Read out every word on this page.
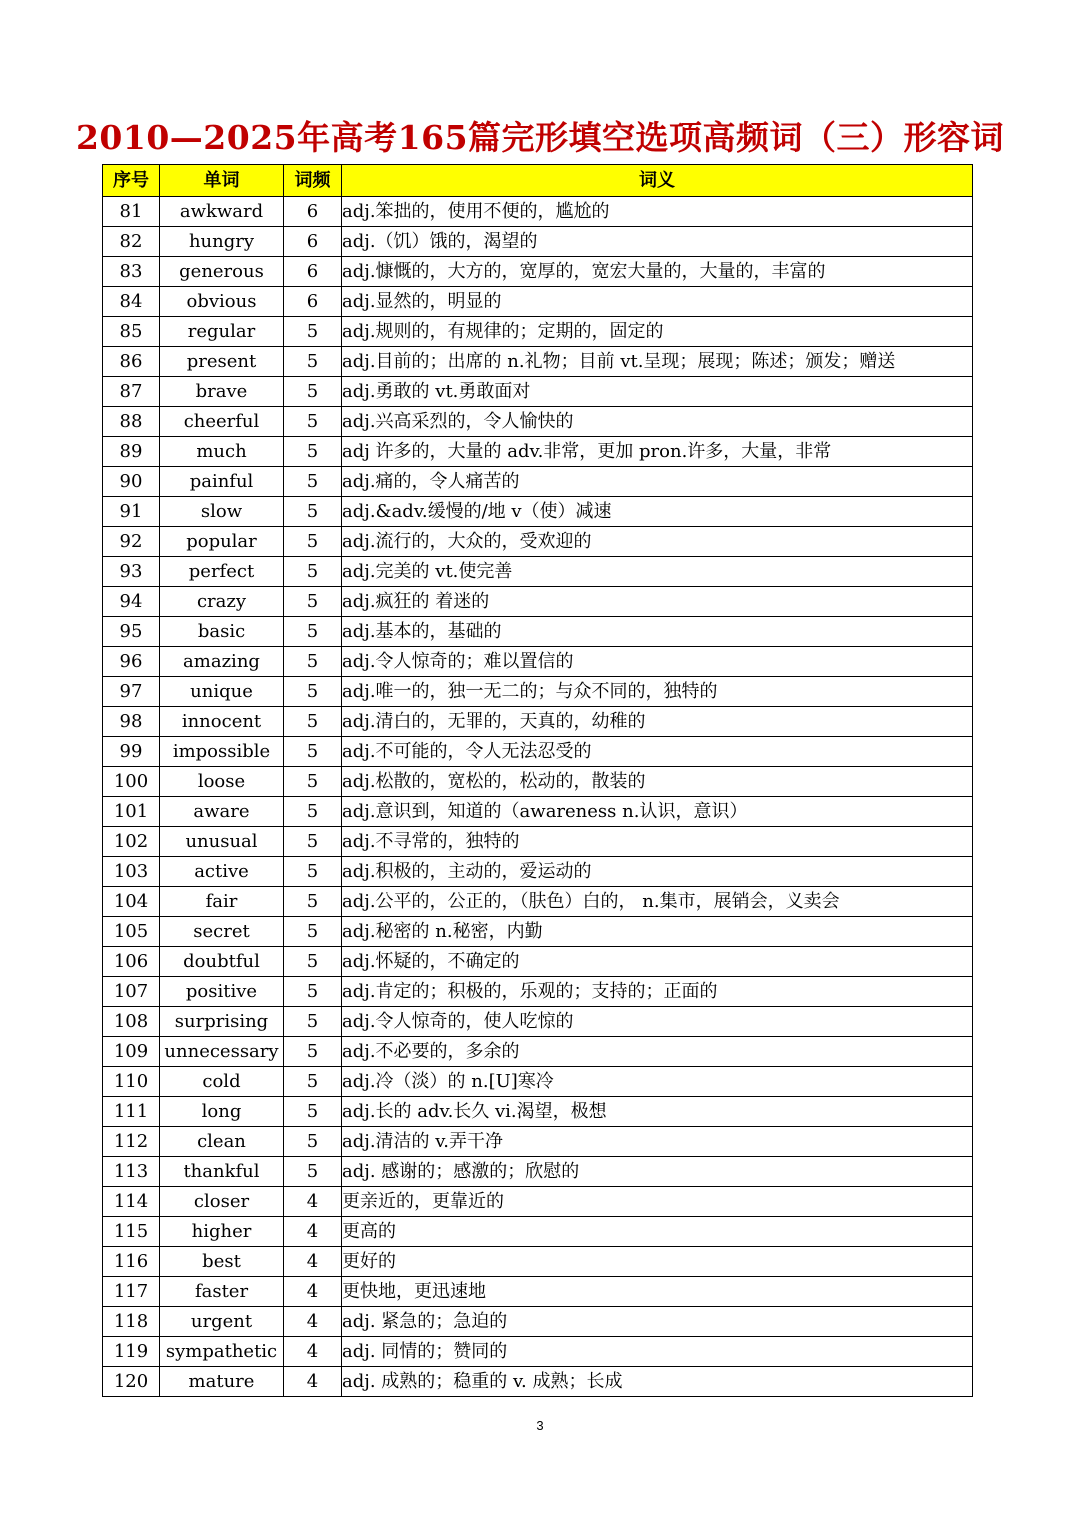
2010—2025年高考165篇完形填空选项高频词（三）形容词
序号	单词	词频	词义
81	awkward	6	adj.笨拙的，使用不便的，尴尬的
82	hungry	6	adj.（饥）饿的，渴望的
83	generous	6	adj.慷慨的，大方的，宽厚的，宽宏大量的，大量的，丰富的
84	obvious	6	adj.显然的，明显的
85	regular	5	adj.规则的，有规律的；定期的，固定的
86	present	5	adj.目前的；出席的 n.礼物；目前 vt.呈现；展现；陈述；颁发；赠送
87	brave	5	adj.勇敢的 vt.勇敢面对
88	cheerful	5	adj.兴高采烈的，令人愉快的
89	much	5	adj 许多的，大量的 adv.非常，更加 pron.许多，大量，非常
90	painful	5	adj.痛的，令人痛苦的
91	slow	5	adj.&adv.缓慢的/地 v（使）减速
92	popular	5	adj.流行的，大众的，受欢迎的
93	perfect	5	adj.完美的 vt.使完善
94	crazy	5	adj.疯狂的 着迷的
95	basic	5	adj.基本的，基础的
96	amazing	5	adj.令人惊奇的；难以置信的
97	unique	5	adj.唯一的，独一无二的；与众不同的，独特的
98	innocent	5	adj.清白的，无罪的，天真的，幼稚的
99	impossible	5	adj.不可能的，令人无法忍受的
100	loose	5	adj.松散的，宽松的，松动的，散装的
101	aware	5	adj.意识到，知道的（awareness n.认识，意识）
102	unusual	5	adj.不寻常的，独特的
103	active	5	adj.积极的，主动的，爱运动的
104	fair	5	adj.公平的，公正的，（肤色）白的， n.集市，展销会，义卖会
105	secret	5	adj.秘密的 n.秘密，内勤
106	doubtful	5	adj.怀疑的，不确定的
107	positive	5	adj.肯定的；积极的，乐观的；支持的；正面的
108	surprising	5	adj.令人惊奇的，使人吃惊的
109	unnecessary	5	adj.不必要的，多余的
110	cold	5	adj.冷（淡）的 n.[U]寒冷
111	long	5	adj.长的 adv.长久 vi.渴望，极想
112	clean	5	adj.清洁的 v.弄干净
113	thankful	5	adj. 感谢的；感激的；欣慰的
114	closer	4	更亲近的，更靠近的
115	higher	4	更高的
116	best	4	更好的
117	faster	4	更快地，更迅速地
118	urgent	4	adj. 紧急的；急迫的
119	sympathetic	4	adj. 同情的；赞同的
120	mature	4	adj. 成熟的；稳重的 v. 成熟；长成
3
